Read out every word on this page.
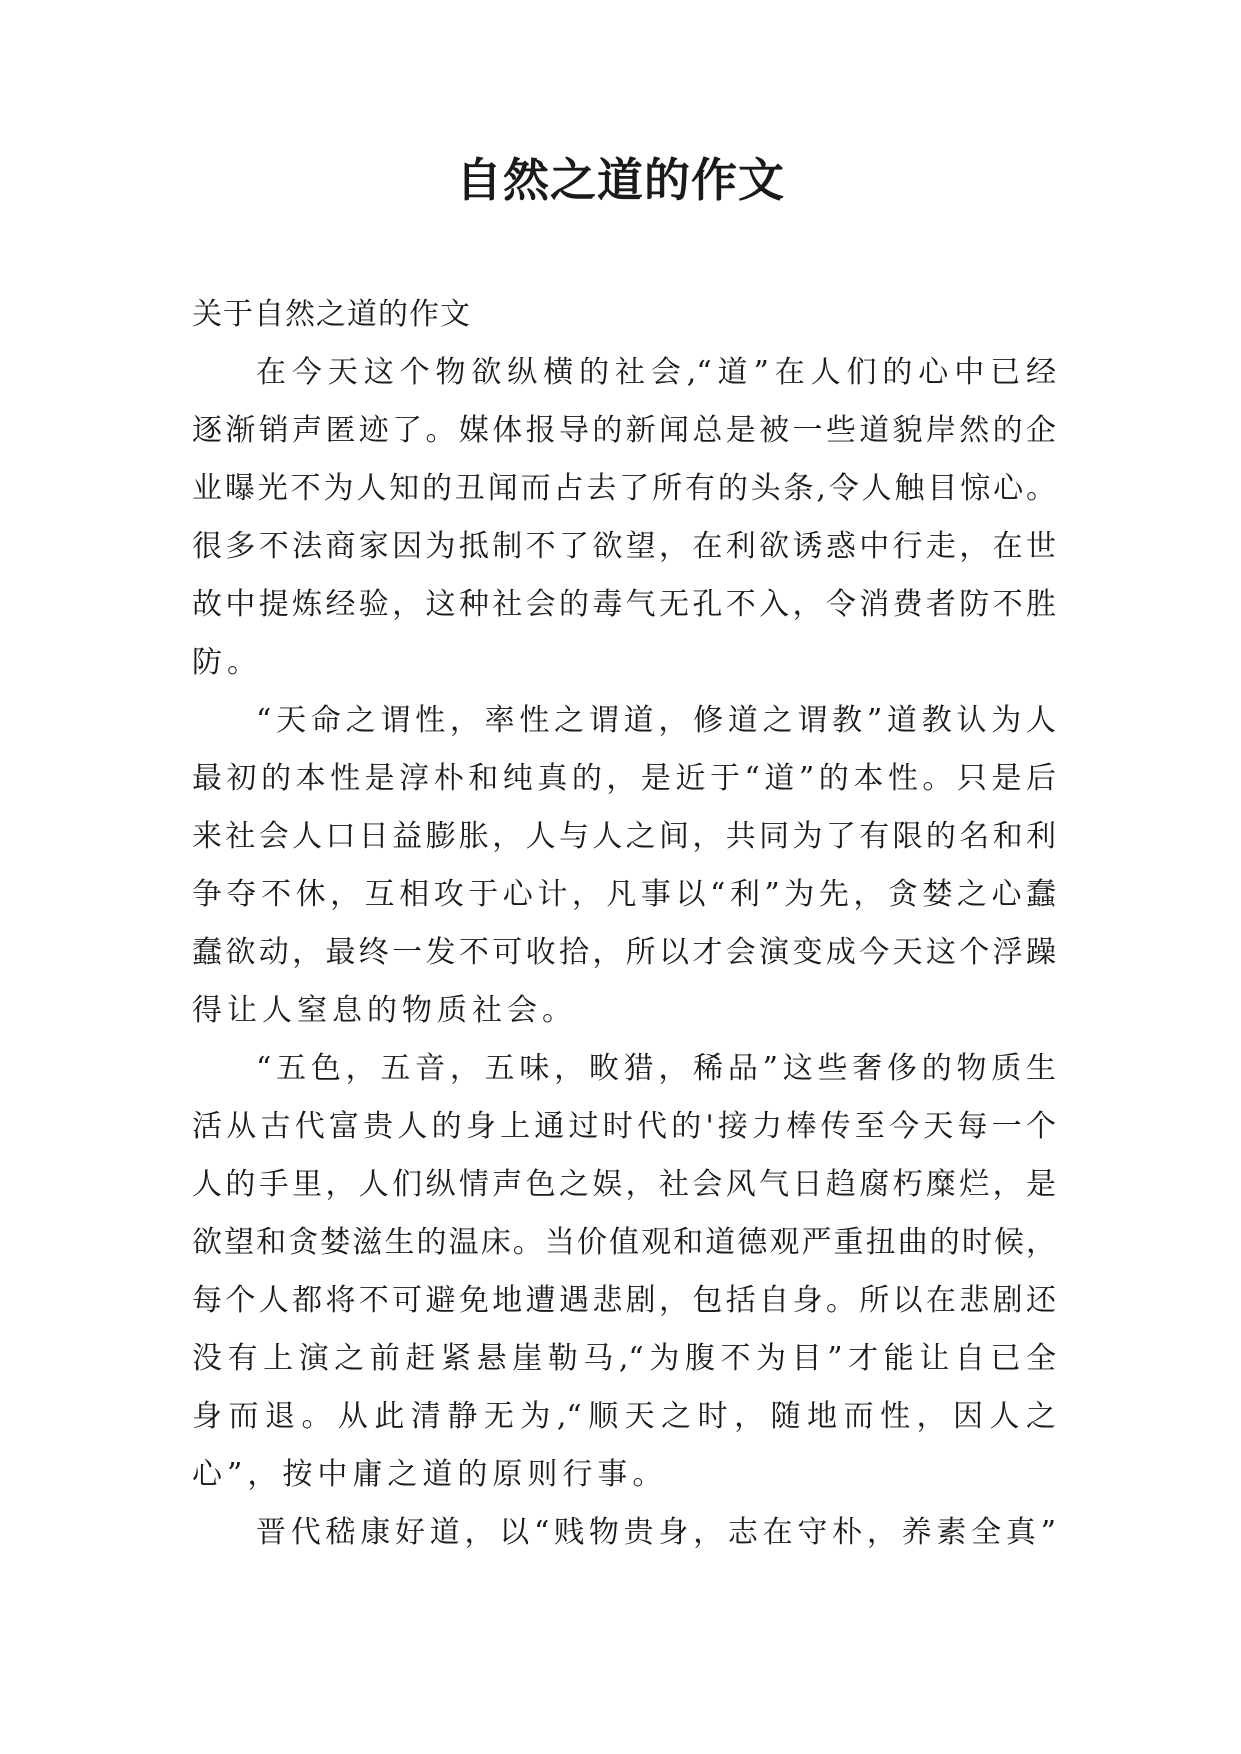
自然之道的作文

关于自然之道的作文

在今天这个物欲纵横的社会,“道”在人们的心中已经
逐渐销声匿迹了。媒体报导的新闻总是被一些道貌岸然的企
业曝光不为人知的丑闻而占去了所有的头条,令人触目惊心。
很多不法商家因为抵制不了欲望，在利欲诱惑中行走，在世
故中提炼经验，这种社会的毒气无孔不入，令消费者防不胜
防。
“天命之谓性，率性之谓道，修道之谓教”道教认为人
最初的本性是淳朴和纯真的，是近于“道”的本性。只是后
来社会人口日益膨胀，人与人之间，共同为了有限的名和利
争夺不休，互相攻于心计，凡事以“利”为先，贪婪之心蠢
蠢欲动，最终一发不可收拾，所以才会演变成今天这个浮躁
得让人窒息的物质社会。
“五色，五音，五味，畋猎，稀品”这些奢侈的物质生
活从古代富贵人的身上通过时代的'接力棒传至今天每一个
人的手里，人们纵情声色之娱，社会风气日趋腐朽糜烂，是
欲望和贪婪滋生的温床。当价值观和道德观严重扭曲的时候，
每个人都将不可避免地遭遇悲剧，包括自身。所以在悲剧还
没有上演之前赶紧悬崖勒马,“为腹不为目”才能让自已全
身而退。从此清静无为,“顺天之时，随地而性，因人之
心”，按中庸之道的原则行事。
晋代嵇康好道，以“贱物贵身，志在守朴，养素全真”
